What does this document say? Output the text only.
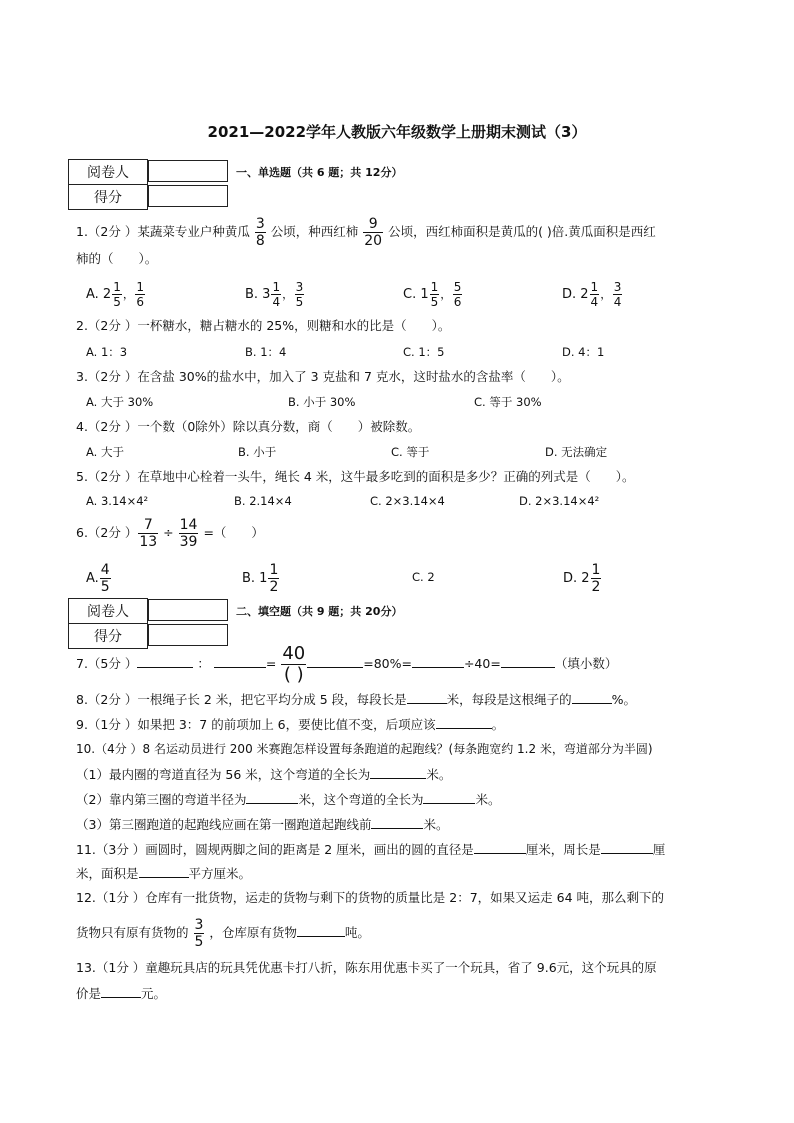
2021—2022学年人教版六年级数学上册期末测试（3）
阅卷人	
得分	
一、单选题（共 6 题；共 12分）
1.（2分 ）某蔬菜专业户种黄瓜 $\frac{3}{8}$ 公顷，种西红柿 $\frac{9}{20}$ 公顷，西红柿面积是黄瓜的( )倍.黄瓜面积是西红
柿的（　　）。
A. $2 \frac{1}{5}$ ， $\frac{1}{6}$	B. $3 \frac{1}{4}$ ， $\frac{3}{5}$	C. $1 \frac{1}{5}$ ， $\frac{5}{6}$	D. $2 \frac{1}{4}$ ， $\frac{3}{4}$
2.（2分 ）一杯糖水，糖占糖水的 25%，则糖和水的比是（　　）。
A. 1：3	B. 1：4	C. 1：5	D. 4：1
3.（2分 ）在含盐 30%的盐水中，加入了 3 克盐和 7 克水，这时盐水的含盐率（　　）。
A. 大于 30%	B. 小于 30%	C. 等于 30%
4.（2分 ）一个数（0除外）除以真分数，商（　　）被除数。
A. 大于	B. 小于	C. 等于	D. 无法确定
5.（2分 ）在草地中心栓着一头牛，绳长 4 米，这牛最多吃到的面积是多少？正确的列式是（　　）。
A. 3.14×4²	B. 2.14×4	C. 2×3.14×4	D. 2×3.14×4²
6.（2分 ） $\frac{7}{13} \div \frac{14}{39}$ =（　　）
A. $\frac{4}{5}$	B. $1 \frac{1}{2}$	C. 2	D. $2 \frac{1}{2}$
阅卷人	
得分	
二、填空题（共 9 题；共 20分）
7.（5分 ）	：	= $\frac{40}{( )}$	=80%=	÷40=	（填小数）
8.（2分 ）一根绳子长 2 米，把它平均分成 5 段，每段长是	米，每段是这根绳子的	%。
9.（1分 ）如果把 3：7 的前项加上 6，要使比值不变，后项应该	。
10.（4分 ）8 名运动员进行 200 米赛跑怎样设置每条跑道的起跑线？(每条跑宽约 1.2 米，弯道部分为半圆)
（1）最内圈的弯道直径为 56 米，这个弯道的全长为	米。
（2）靠内第三圈的弯道半径为	米，这个弯道的全长为	米。
（3）第三圈跑道的起跑线应画在第一圈跑道起跑线前	米。
11.（3分 ）画圆时，圆规两脚之间的距离是 2 厘米，画出的圆的直径是	厘米，周长是	厘
米，面积是	平方厘米。
12.（1分 ）仓库有一批货物，运走的货物与剩下的货物的质量比是 2：7，如果又运走 64 吨，那么剩下的
货物只有原有货物的 $\frac{3}{5}$ ，仓库原有货物	吨。
13.（1分 ）童趣玩具店的玩具凭优惠卡打八折，陈东用优惠卡买了一个玩具，省了 9.6元，这个玩具的原
价是	元。
